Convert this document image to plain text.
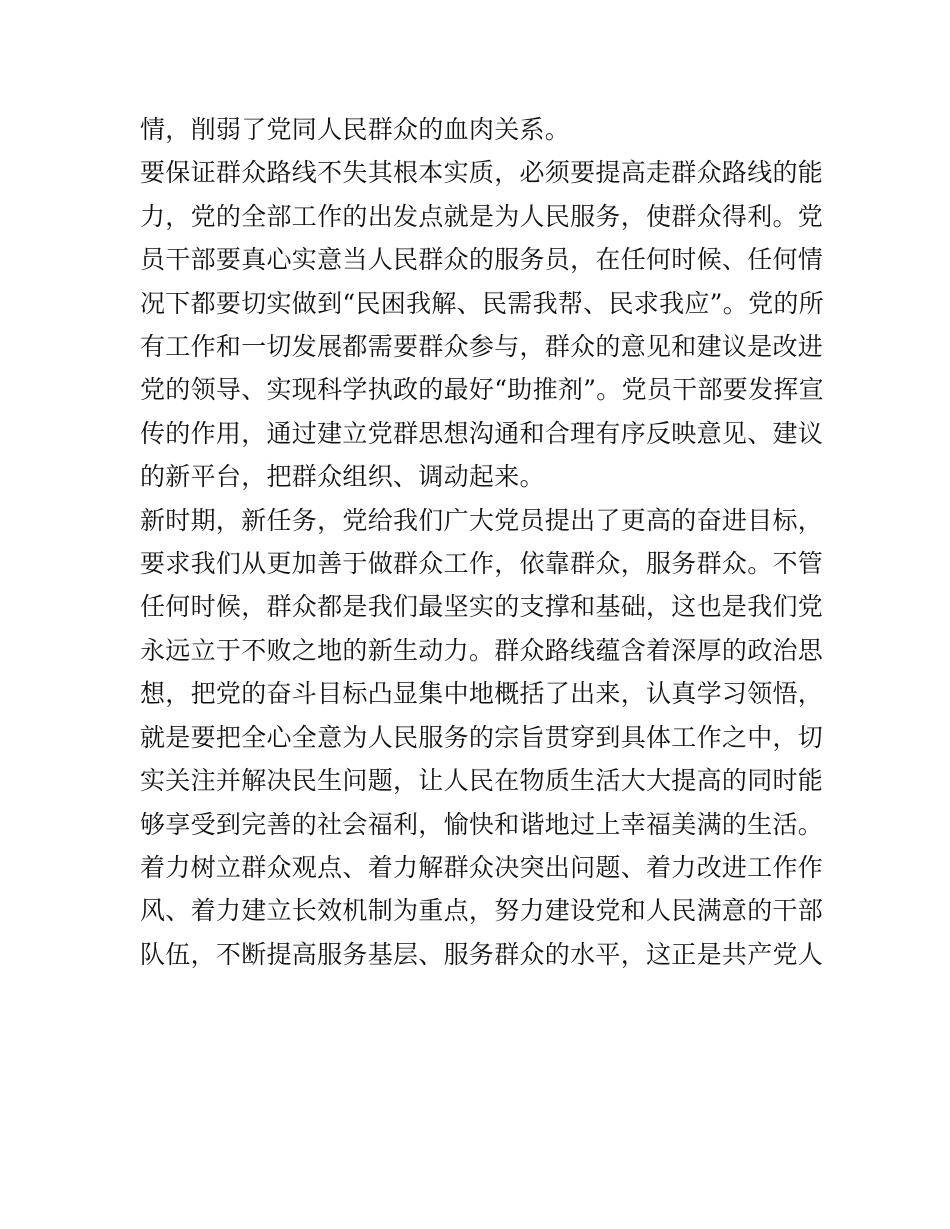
情，削弱了党同人民群众的血肉关系。
要保证群众路线不失其根本实质，必须要提高走群众路线的能
力，党的全部工作的出发点就是为人民服务，使群众得利。党
员干部要真心实意当人民群众的服务员，在任何时候、任何情
况下都要切实做到“民困我解、民需我帮、民求我应”。党的所
有工作和一切发展都需要群众参与，群众的意见和建议是改进
党的领导、实现科学执政的最好“助推剂”。党员干部要发挥宣
传的作用，通过建立党群思想沟通和合理有序反映意见、建议
的新平台，把群众组织、调动起来。
新时期，新任务，党给我们广大党员提出了更高的奋进目标，
要求我们从更加善于做群众工作，依靠群众，服务群众。不管
任何时候，群众都是我们最坚实的支撑和基础，这也是我们党
永远立于不败之地的新生动力。群众路线蕴含着深厚的政治思
想，把党的奋斗目标凸显集中地概括了出来，认真学习领悟，
就是要把全心全意为人民服务的宗旨贯穿到具体工作之中，切
实关注并解决民生问题，让人民在物质生活大大提高的同时能
够享受到完善的社会福利，愉快和谐地过上幸福美满的生活。
着力树立群众观点、着力解群众决突出问题、着力改进工作作
风、着力建立长效机制为重点，努力建设党和人民满意的干部
队伍，不断提高服务基层、服务群众的水平，这正是共产党人
